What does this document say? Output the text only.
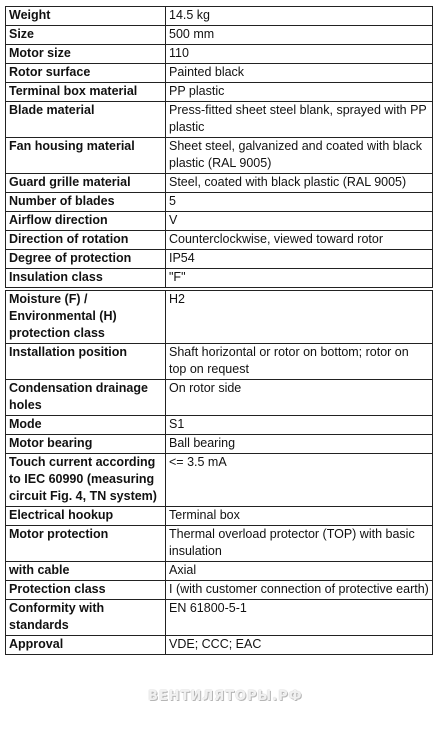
Weight	14.5 kg
Size	500 mm
Motor size	110
Rotor surface	Painted black
Terminal box material	PP plastic
Blade material	Press-fitted sheet steel blank, sprayed with PP plastic
Fan housing material	Sheet steel, galvanized and coated with black plastic (RAL 9005)
Guard grille material	Steel, coated with black plastic (RAL 9005)
Number of blades	5
Airflow direction	V
Direction of rotation	Counterclockwise, viewed toward rotor
Degree of protection	IP54
Insulation class	"F"
Moisture (F) / Environmental (H) protection class	H2
Installation position	Shaft horizontal or rotor on bottom; rotor on top on request
Condensation drainage holes	On rotor side
Mode	S1
Motor bearing	Ball bearing
Touch current according to IEC 60990 (measuring circuit Fig. 4, TN system)	<= 3.5 mA
Electrical hookup	Terminal box
Motor protection	Thermal overload protector (TOP) with basic insulation
with cable	Axial
Protection class	I (with customer connection of protective earth)
Conformity with standards	EN 61800-5-1
Approval	VDE; CCC; EAC
ВЕНТИЛЯТОРЫ.РФ
